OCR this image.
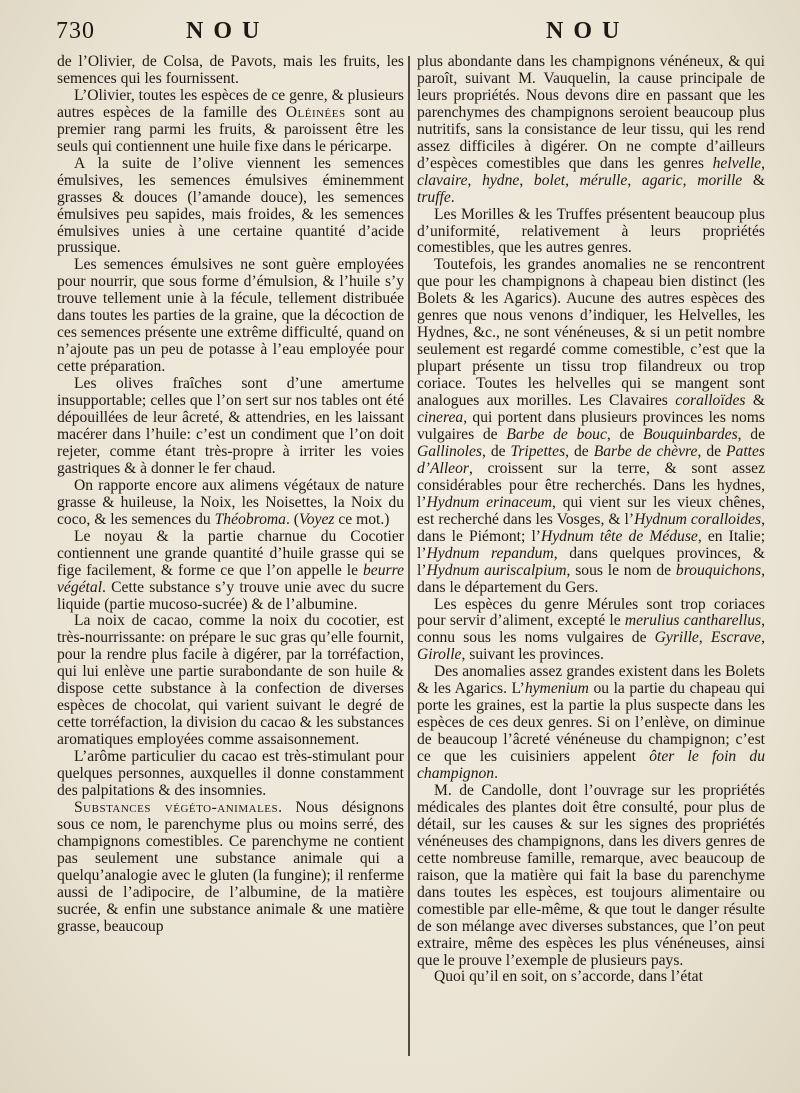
730	NOU	NOU

de l’Olivier, de Colsa, de Pavots, mais les fruits, les semences qui les fournissent.

L’Olivier, toutes les espèces de ce genre, & plusieurs autres espèces de la famille des Oléinées sont au premier rang parmi les fruits, & paroissent être les seuls qui contiennent une huile fixe dans le péricarpe.

A la suite de l’olive viennent les semences émulsives, les semences émulsives éminemment grasses & douces (l’amande douce), les semences émulsives peu sapides, mais froides, & les semences émulsives unies à une certaine quantité d’acide prussique.

Les semences émulsives ne sont guère employées pour nourrir, que sous forme d’émulsion, & l’huile s’y trouve tellement unie à la fécule, tellement distribuée dans toutes les parties de la graine, que la décoction de ces semences présente une extrême difficulté, quand on n’ajoute pas un peu de potasse à l’eau employée pour cette préparation.

Les olives fraîches sont d’une amertume insupportable; celles que l’on sert sur nos tables ont été dépouillées de leur âcreté, & attendries, en les laissant macérer dans l’huile: c’est un condiment que l’on doit rejeter, comme étant très-propre à irriter les voies gastriques & à donner le fer chaud.

On rapporte encore aux alimens végétaux de nature grasse & huileuse, la Noix, les Noisettes, la Noix du coco, & les semences du Théobroma. (Voyez ce mot.)

Le noyau & la partie charnue du Cocotier contiennent une grande quantité d’huile grasse qui se fige facilement, & forme ce que l’on appelle le beurre végétal. Cette substance s’y trouve unie avec du sucre liquide (partie mucoso-sucrée) & de l’albumine.

La noix de cacao, comme la noix du cocotier, est très-nourrissante: on prépare le suc gras qu’elle fournit, pour la rendre plus facile à digérer, par la torréfaction, qui lui enlève une partie surabondante de son huile & dispose cette substance à la confection de diverses espèces de chocolat, qui varient suivant le degré de cette torréfaction, la division du cacao & les substances aromatiques employées comme assaisonnement.

L’arôme particulier du cacao est très-stimulant pour quelques personnes, auxquelles il donne constamment des palpitations & des insomnies.

Substances végéto-animales. Nous désignons sous ce nom, le parenchyme plus ou moins serré, des champignons comestibles. Ce parenchyme ne contient pas seulement une substance animale qui a quelqu’analogie avec le gluten (la fungine); il renferme aussi de l’adipocire, de l’albumine, de la matière sucrée, & enfin une substance animale & une matière grasse, beaucoup

plus abondante dans les champignons vénéneux, & qui paroît, suivant M. Vauquelin, la cause principale de leurs propriétés. Nous devons dire en passant que les parenchymes des champignons seroient beaucoup plus nutritifs, sans la consistance de leur tissu, qui les rend assez difficiles à digérer. On ne compte d’ailleurs d’espèces comestibles que dans les genres helvelle, clavaire, hydne, bolet, mérulle, agaric, morille & truffe.

Les Morilles & les Truffes présentent beaucoup plus d’uniformité, relativement à leurs propriétés comestibles, que les autres genres.

Toutefois, les grandes anomalies ne se rencontrent que pour les champignons à chapeau bien distinct (les Bolets & les Agarics). Aucune des autres espèces des genres que nous venons d’indiquer, les Helvelles, les Hydnes, &c., ne sont vénéneuses, & si un petit nombre seulement est regardé comme comestible, c’est que la plupart présente un tissu trop filandreux ou trop coriace. Toutes les helvelles qui se mangent sont analogues aux morilles. Les Clavaires coralloïdes & cinerea, qui portent dans plusieurs provinces les noms vulgaires de Barbe de bouc, de Bouquinbardes, de Gallinoles, de Tripettes, de Barbe de chèvre, de Pattes d’Alleor, croissent sur la terre, & sont assez considérables pour être recherchés. Dans les hydnes, l’Hydnum erinaceum, qui vient sur les vieux chênes, est recherché dans les Vosges, & l’Hydnum coralloides, dans le Piémont; l’Hydnum tête de Méduse, en Italie; l’Hydnum repandum, dans quelques provinces, & l’Hydnum auriscalpium, sous le nom de brouquichons, dans le département du Gers.

Les espèces du genre Mérules sont trop coriaces pour servir d’aliment, excepté le merulius cantharellus, connu sous les noms vulgaires de Gyrille, Escrave, Girolle, suivant les provinces.

Des anomalies assez grandes existent dans les Bolets & les Agarics. L’hymenium ou la partie du chapeau qui porte les graines, est la partie la plus suspecte dans les espèces de ces deux genres. Si on l’enlève, on diminue de beaucoup l’âcreté vénéneuse du champignon; c’est ce que les cuisiniers appelent ôter le foin du champignon.

M. de Candolle, dont l’ouvrage sur les propriétés médicales des plantes doit être consulté, pour plus de détail, sur les causes & sur les signes des propriétés vénéneuses des champignons, dans les divers genres de cette nombreuse famille, remarque, avec beaucoup de raison, que la matière qui fait la base du parenchyme dans toutes les espèces, est toujours alimentaire ou comestible par elle-même, & que tout le danger résulte de son mélange avec diverses substances, que l’on peut extraire, même des espèces les plus vénéneuses, ainsi que le prouve l’exemple de plusieurs pays.

Quoi qu’il en soit, on s’accorde, dans l’état
